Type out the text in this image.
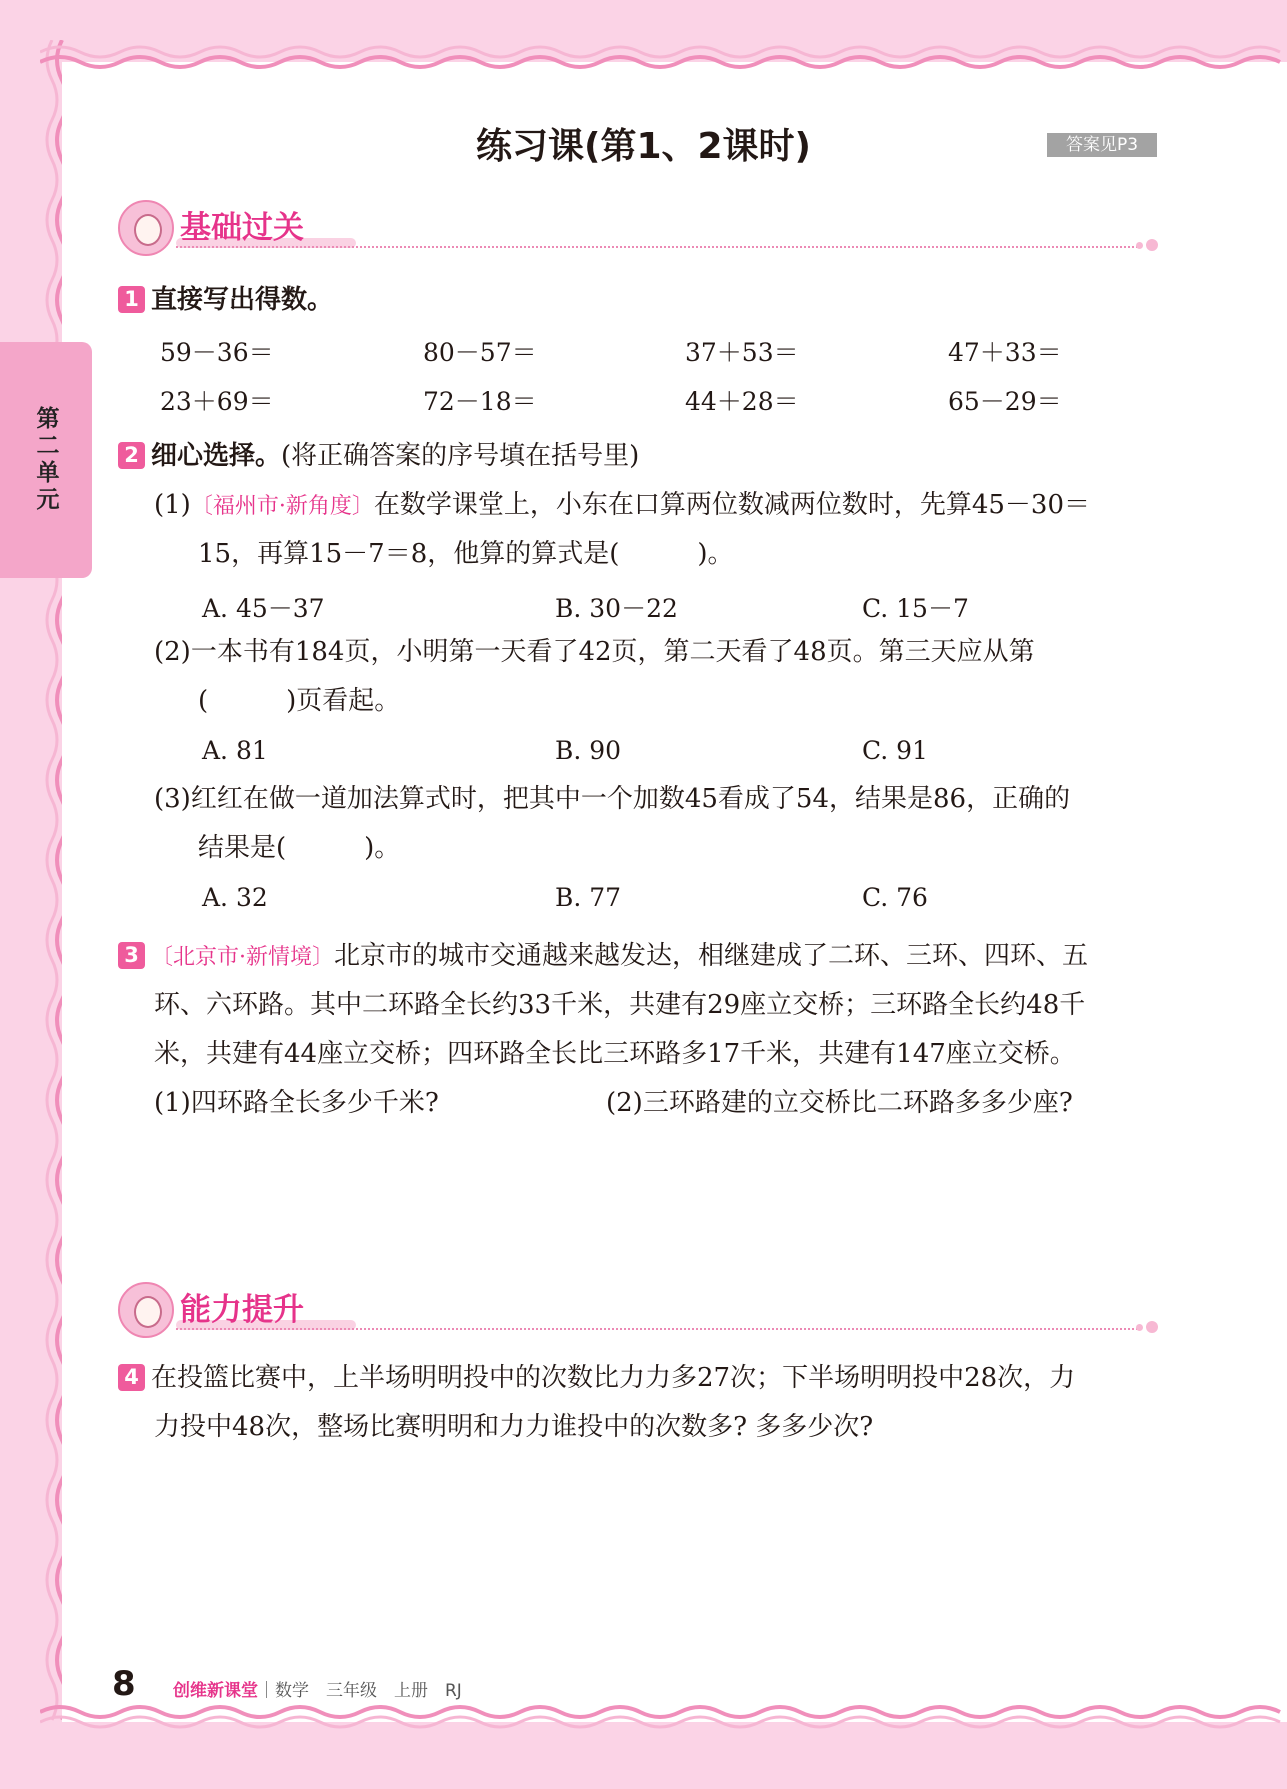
第二单元
练习课(第1、2课时)	答案见P3
基础过关
1 直接写出得数。
59－36＝	80－57＝	37＋53＝	47＋33＝
23＋69＝	72－18＝	44＋28＝	65－29＝
2 细心选择。(将正确答案的序号填在括号里)
(1)〔福州市·新角度〕在数学课堂上，小东在口算两位数减两位数时，先算45－30＝
15，再算15－7＝8，他算的算式是(　　　)。
A. 45－37	B. 30－22	C. 15－7
(2)一本书有184页，小明第一天看了42页，第二天看了48页。第三天应从第
(　　　)页看起。
A. 81	B. 90	C. 91
(3)红红在做一道加法算式时，把其中一个加数45看成了54，结果是86，正确的
结果是(　　　)。
A. 32	B. 77	C. 76
3 〔北京市·新情境〕北京市的城市交通越来越发达，相继建成了二环、三环、四环、五
环、六环路。其中二环路全长约33千米，共建有29座立交桥；三环路全长约48千
米，共建有44座立交桥；四环路全长比三环路多17千米，共建有147座立交桥。
(1)四环路全长多少千米?	(2)三环路建的立交桥比二环路多多少座?
能力提升
4 在投篮比赛中，上半场明明投中的次数比力力多27次；下半场明明投中28次，力
力投中48次，整场比赛明明和力力谁投中的次数多? 多多少次?
8 创维新课堂｜数学　三年级　上册　RJ
